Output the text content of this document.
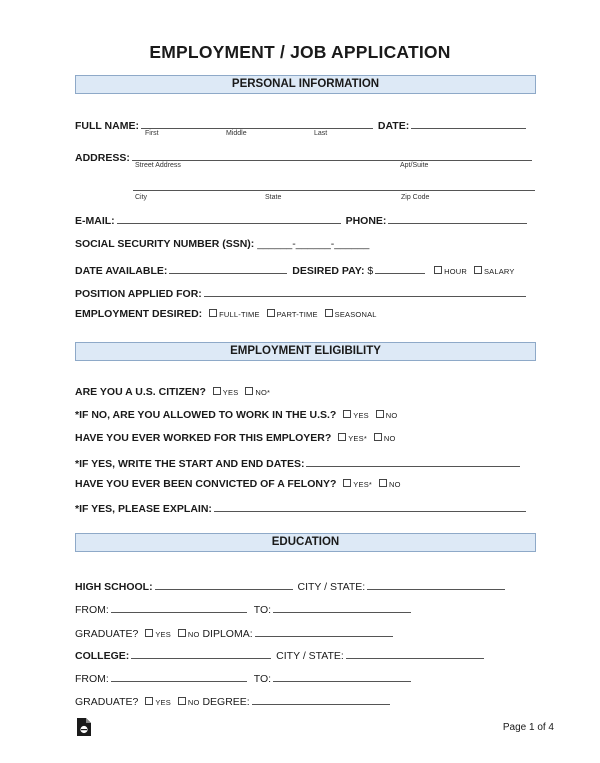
EMPLOYMENT / JOB APPLICATION
PERSONAL INFORMATION
FULL NAME:	DATE:
First	Middle	Last
ADDRESS:
Street Address	Apt/Suite
City	State	Zip Code
E-MAIL:	PHONE:
SOCIAL SECURITY NUMBER (SSN): ______-______-______
DATE AVAILABLE:	DESIRED PAY: $	HOUR SALARY
POSITION APPLIED FOR:
EMPLOYMENT DESIRED: FULL-TIME PART-TIME SEASONAL
EMPLOYMENT ELIGIBILITY
ARE YOU A U.S. CITIZEN? YES NO*
*IF NO, ARE YOU ALLOWED TO WORK IN THE U.S.? YES NO
HAVE YOU EVER WORKED FOR THIS EMPLOYER? YES* NO
*IF YES, WRITE THE START AND END DATES:
HAVE YOU EVER BEEN CONVICTED OF A FELONY? YES* NO
*IF YES, PLEASE EXPLAIN:
EDUCATION
HIGH SCHOOL:	CITY / STATE:
FROM:	TO:
GRADUATE? YES NO DIPLOMA:
COLLEGE:	CITY / STATE:
FROM:	TO:
GRADUATE? YES NO DEGREE:
Page 1 of 4
